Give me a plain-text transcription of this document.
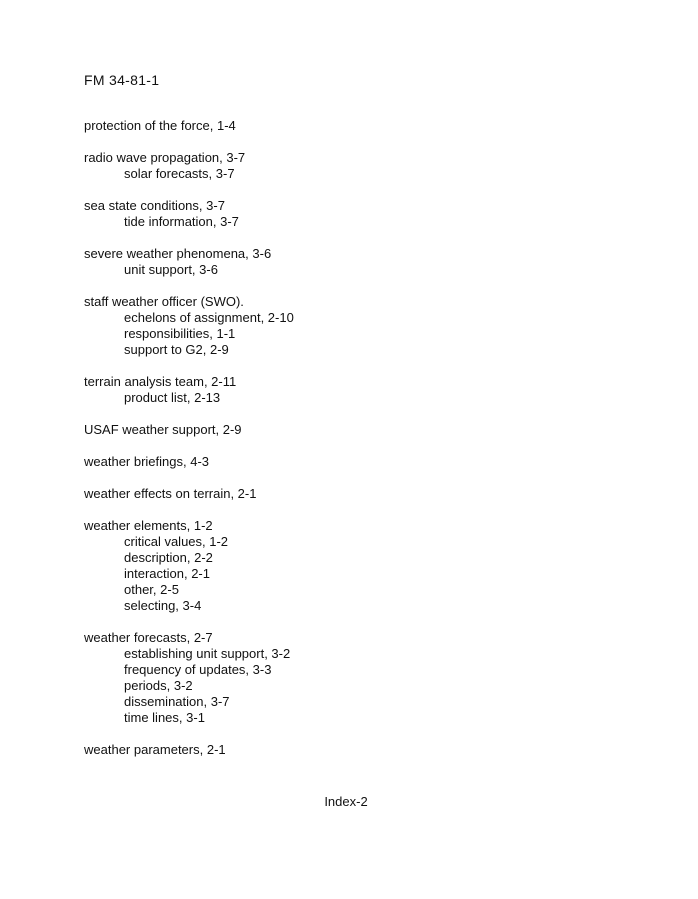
FM 34-81-1
protection of the force, 1-4
radio wave propagation, 3-7
solar forecasts, 3-7
sea state conditions, 3-7
tide information, 3-7
severe weather phenomena, 3-6
unit support, 3-6
staff weather officer (SWO).
echelons of assignment, 2-10
responsibilities, 1-1
support to G2, 2-9
terrain analysis team, 2-11
product list, 2-13
USAF weather support, 2-9
weather briefings, 4-3
weather effects on terrain, 2-1
weather elements, 1-2
critical values, 1-2
description, 2-2
interaction, 2-1
other, 2-5
selecting, 3-4
weather forecasts, 2-7
establishing unit support, 3-2
frequency of updates, 3-3
periods, 3-2
dissemination, 3-7
time lines, 3-1
weather parameters, 2-1
Index-2
